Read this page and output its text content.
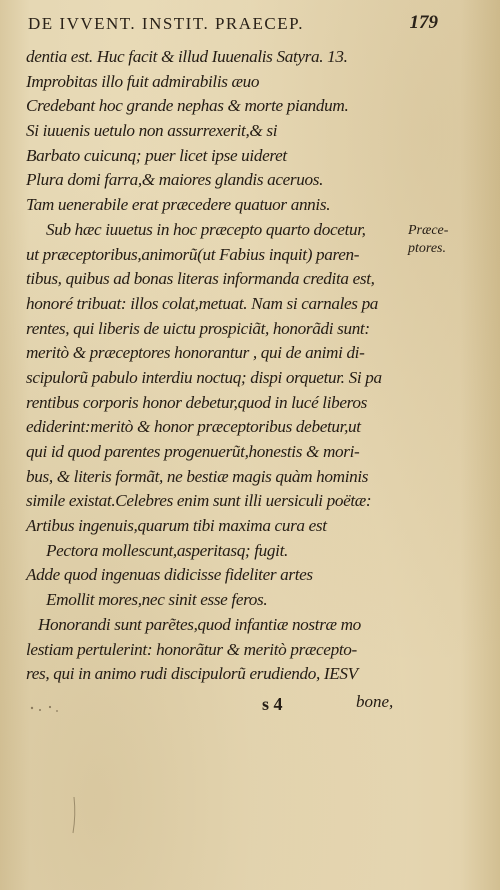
DE IVVENT. INSTIT. PRAECEP.	179
dentia est. Huc facit & illud Iuuenalis Satyra. 13.
Improbitas illo fuit admirabilis æuo
Credebant hoc grande nephas & morte piandum.
Si iuuenis uetulo non assurrexerit,& si
Barbato cuicunq; puer licet ipse uideret
Plura domi farra,& maiores glandis aceruos.
Tam uenerabile erat præcedere quatuor annis.
Sub hæc iuuetus in hoc præcepto quarto docetur,
ut præceptoribus,animorũ(ut Fabius inquit) paren-
tibus, quibus ad bonas literas informanda credita est,
honoré tribuat: illos colat,metuat. Nam si carnales pa
rentes, qui liberis de uictu prospiciãt, honorãdi sunt:
meritò & præceptores honorantur , qui de animi di-
scipulorũ pabulo interdiu noctuq; dispi orquetur. Si pa
rentibus corporis honor debetur,quod in lucé liberos
ediderint:meritò & honor præceptoribus debetur,ut
qui id quod parentes progenuerũt,honestis & mori-
bus, & literis formãt, ne bestiæ magis quàm hominis
simile existat.Celebres enim sunt illi uersiculi poëtæ:
Artibus ingenuis,quarum tibi maxima cura est
Pectora mollescunt,asperitasq; fugit.
Adde quod ingenuas didicisse fideliter artes
Emollit mores,nec sinit esse feros.
Honorandi sunt parẽtes,quod infantiæ nostræ mo
lestiam pertulerint: honorãtur & meritò præcepto-
res, qui in animo rudi discipulorũ erudiendo, IESV
Præce-ptores.
s 4	bone,
